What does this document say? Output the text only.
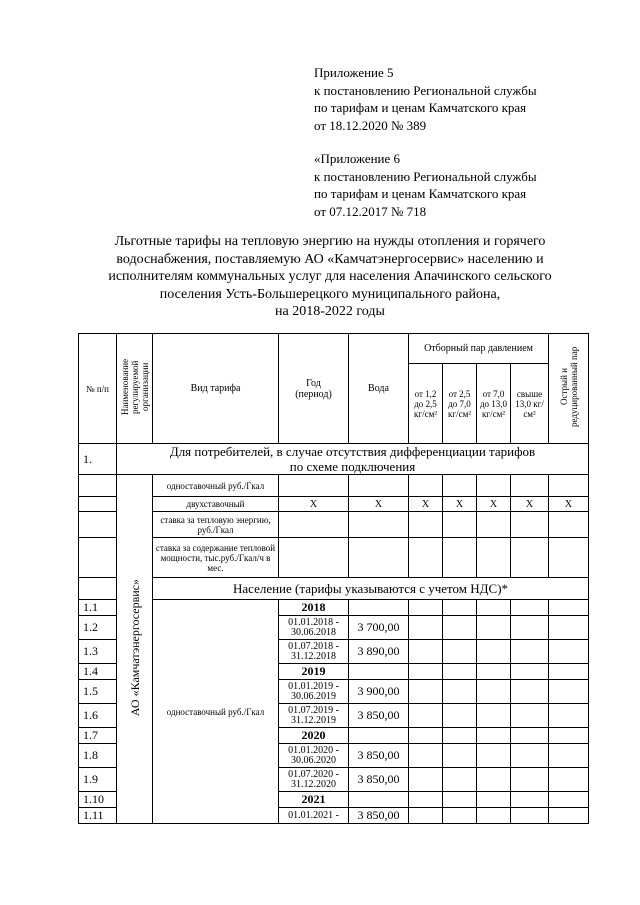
Приложение 5
к постановлению Региональной службы
по тарифам и ценам Камчатского края
от 18.12.2020 № 389
«Приложение 6
к постановлению Региональной службы
по тарифам и ценам Камчатского края
от 07.12.2017 № 718
Льготные тарифы на тепловую энергию на нужды отопления и горячего
водоснабжения, поставляемую АО «Камчатэнергосервис» населению и
исполнителям коммунальных услуг для населения Апачинского сельского
поселения Усть-Большерецкого муниципального района,
на 2018-2022 годы
№ п/п	Наименование регулируемой организации	Вид тарифа	Год (период)	Вода	Отборный пар давлением				Острый и редуцированный пар
					от 1,2 до 2,5 кг/см²	от 2,5 до 7,0 кг/см²	от 7,0 до 13,0 кг/см²	свыше 13,0 кг/см²	
1.	Для потребителей, в случае отсутствия дифференциации тарифов
по схеме подключения								

	АО «Камчатэнергосервис»	одноставочный руб./Гкал							
		двухставочный	X	X	X	X	X	X	X
		ставка за тепловую энергию, руб./Гкал							
		ставка за содержание тепловой мощности, тыс.руб./Гкал/ч в мес.							
		Население (тарифы указываются с учетом НДС)*							
1.1		одноставочный руб./Гкал	2018						
1.2			01.01.2018 - 30.06.2018	3 700,00					
1.3			01.07.2018 - 31.12.2018	3 890,00					
1.4			2019						
1.5			01.01.2019 - 30.06.2019	3 900,00					
1.6			01.07.2019 - 31.12.2019	3 850,00					
1.7			2020						
1.8			01.01.2020 - 30.06.2020	3 850,00					
1.9			01.07.2020 - 31.12.2020	3 850,00					
1.10			2021						
1.11			01.01.2021 -	3 850,00					
